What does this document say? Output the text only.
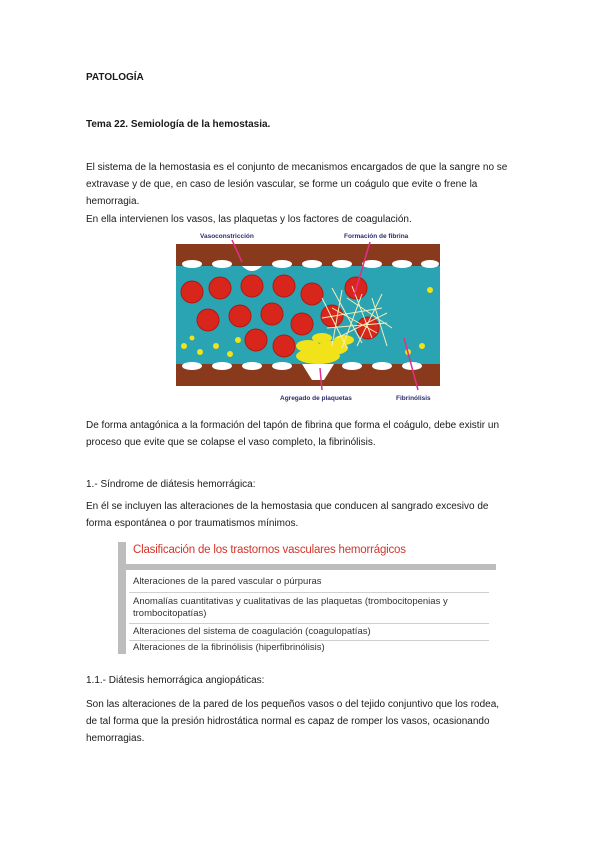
PATOLOGÍA
Tema 22. Semiología de la hemostasia.
El sistema de la hemostasia es el conjunto de mecanismos encargados de que la sangre no se
extravase y de que, en caso de lesión vascular, se forme un coágulo que evite o frene la
hemorragia.
En ella intervienen los vasos, las plaquetas y los factores de coagulación.
Vasoconstricción	Formación de fibrina
Agregado de plaquetas	Fibrinólisis
De forma antagónica a la formación del tapón de fibrina que forma el coágulo, debe existir un
proceso que evite que se colapse el vaso completo, la fibrinólisis.
1.- Síndrome de diátesis hemorrágica:
En él se incluyen las alteraciones de la hemostasia que conducen al sangrado excesivo de
forma espontánea o por traumatismos mínimos.
Clasificación de los trastornos vasculares hemorrágicos
Alteraciones de la pared vascular o púrpuras
Anomalías cuantitativas y cualitativas de las plaquetas (trombocitopenias y
trombocitopatías)
Alteraciones del sistema de coagulación (coagulopatías)
Alteraciones de la fibrinólisis (hiperfibrinólisis)
1.1.- Diátesis hemorrágica angiopáticas:
Son las alteraciones de la pared de los pequeños vasos o del tejido conjuntivo que los rodea,
de tal forma que la presión hidrostática normal es capaz de romper los vasos, ocasionando
hemorragias.
